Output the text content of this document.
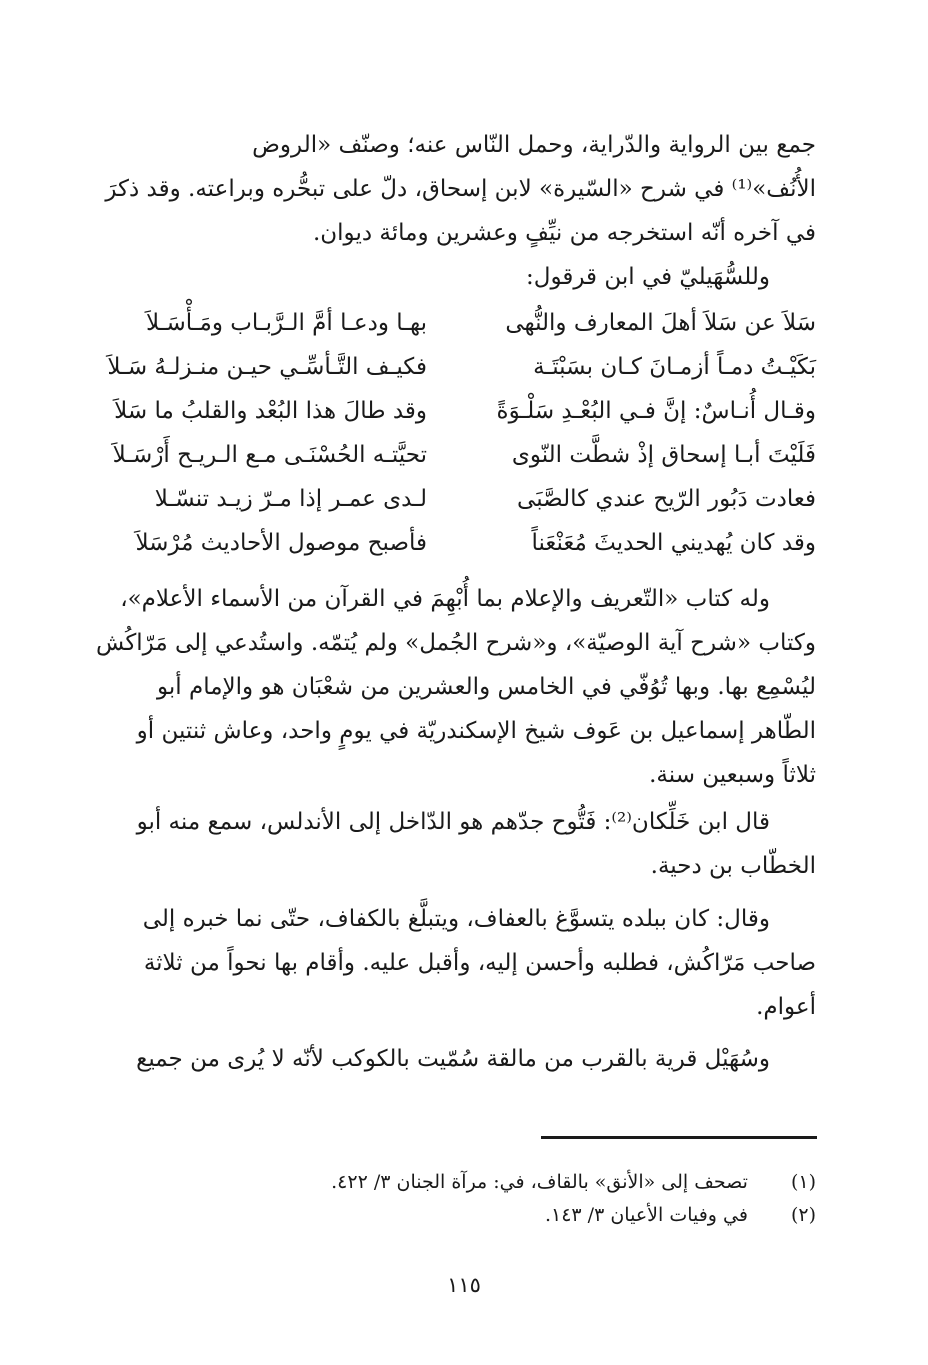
جمع بين الرواية والدّراية، وحمل النّاس عنه؛ وصنّف «الروض
الأُنُف»⁽¹⁾ في شرح «السّيرة» لابن إسحاق، دلّ على تبحُّره وبراعته. وقد ذكرَ
في آخره أنّه استخرجه من نيِّفٍ وعشرين ومائة ديوان.
وللسُّهَيليّ في ابن قرقول:
سَلاَ عن سَلاَ أهلَ المعارف والنُّهى
بهـا ودعـا أمَّ الـرَّبـاب ومَـأْسَـلاَ
بَكَيْـتُ دمـاً أزمـانَ كـان بسَبْتَـة
فكيـف التَّـأسِّـي حيـن منـزلـهُ سَـلاَ
وقـال أُنـاسٌ: إنَّ فـي البُعْـدِ سَلْـوَةً
وقد طالَ هذا البُعْد والقلبُ ما سَلاَ
فَلَيْتَ أبـا إسحاق إذْ شطَّت النّوى
تحيَّتـه الحُسْنَـى مـع الـريـح أَرْسَـلاَ
فعادت دَبُور الرّيح عندي كالصَّبَى
لـدى عمـر إذا مـرّ زيـد تنسّـلا
وقد كان يُهديني الحديثَ مُعَنْعَناً
فأصبح موصول الأحاديث مُرْسَلاَ
وله كتاب «التّعريف والإعلام بما أُبْهِمَ في القرآن من الأسماء الأعلام»،
وكتاب «شرح آية الوصيّة»، و«شرح الجُمل» ولم يُتمّه. واستُدعي إلى مَرّاكُش
ليُسْمِع بها. وبها تُوُفّي في الخامس والعشرين من شعْبَان هو والإمام أبو
الطّاهر إسماعيل بن عَوف شيخ الإسكندريّة في يومٍ واحد، وعاش ثنتين أو
ثلاثاً وسبعين سنة.
قال ابن خَلِّكان⁽²⁾: فَتُّوح جدّهم هو الدّاخل إلى الأندلس، سمع منه أبو
الخطّاب بن دحية.
وقال: كان ببلده يتسوَّغ بالعفاف، ويتبلَّغ بالكفاف، حتّى نما خبره إلى
صاحب مَرّاكُش، فطلبه وأحسن إليه، وأقبل عليه. وأقام بها نحواً من ثلاثة
أعوام.
وسُهَيْل قرية بالقرب من مالقة سُمّيت بالكوكب لأنّه لا يُرى من جميع
(١) تصحف إلى «الأنق» بالقاف، في: مرآة الجنان ٣/ ٤٢٢.
(٢) في وفيات الأعيان ٣/ ١٤٣.
١١٥
